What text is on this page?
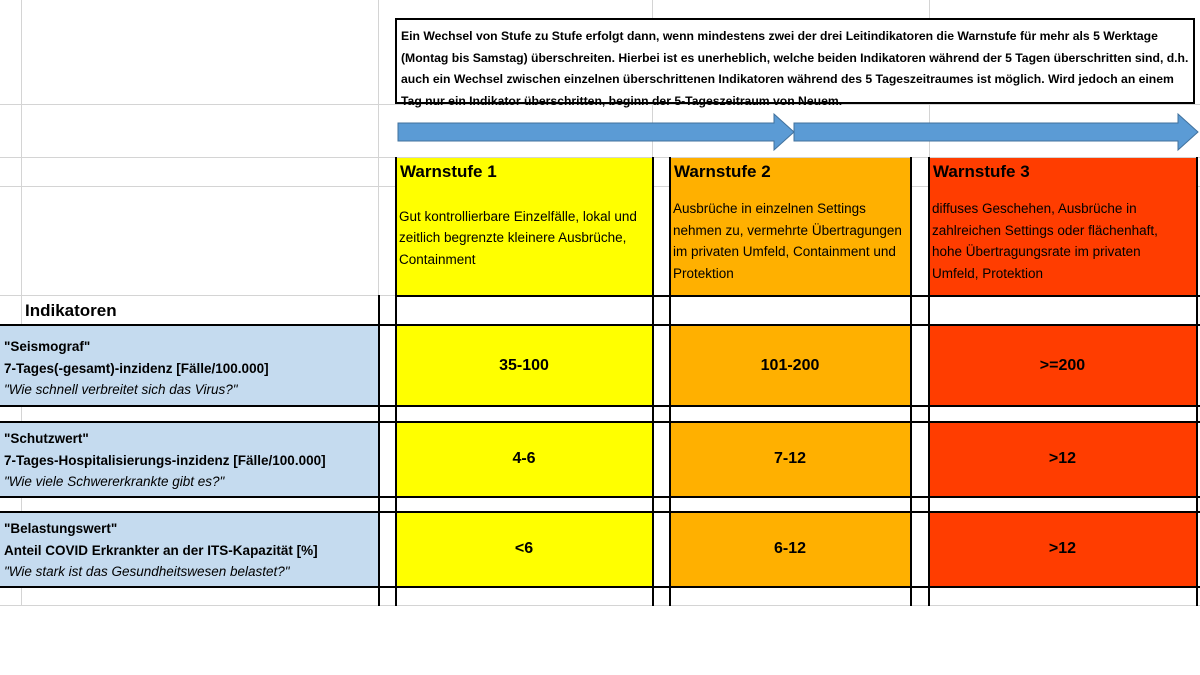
Ein Wechsel von Stufe zu Stufe erfolgt dann, wenn mindestens zwei der drei Leitindikatoren die Warnstufe für mehr als 5 Werktage (Montag bis Samstag) überschreiten. Hierbei ist es unerheblich, welche beiden Indikatoren während der 5 Tagen überschritten sind, d.h. auch ein Wechsel zwischen einzelnen überschrittenen Indikatoren während des 5 Tageszeitraumes ist möglich. Wird jedoch an einem Tag nur ein Indikator überschritten, beginn der 5-Tageszeitraum von Neuem.
Warnstufe 1	Warnstufe 2	Warnstufe 3
Gut kontrollierbare Einzelfälle, lokal und zeitlich begrenzte kleinere Ausbrüche, Containment
Ausbrüche in einzelnen Settings nehmen zu, vermehrte Übertragungen im privaten Umfeld, Containment und Protektion
diffuses Geschehen, Ausbrüche in zahlreichen Settings oder flächenhaft, hohe Übertragungsrate im privaten Umfeld, Protektion
Indikatoren
"Seismograf"
7-Tages(-gesamt)-inzidenz [Fälle/100.000]
"Wie schnell verbreitet sich das Virus?"
35-100	101-200	>=200
"Schutzwert"
7-Tages-Hospitalisierungs-inzidenz [Fälle/100.000]
"Wie viele Schwererkrankte gibt es?"
4-6	7-12	>12
"Belastungswert"
Anteil COVID Erkrankter an der ITS-Kapazität [%]
"Wie stark ist das Gesundheitswesen belastet?"
<6	6-12	>12
